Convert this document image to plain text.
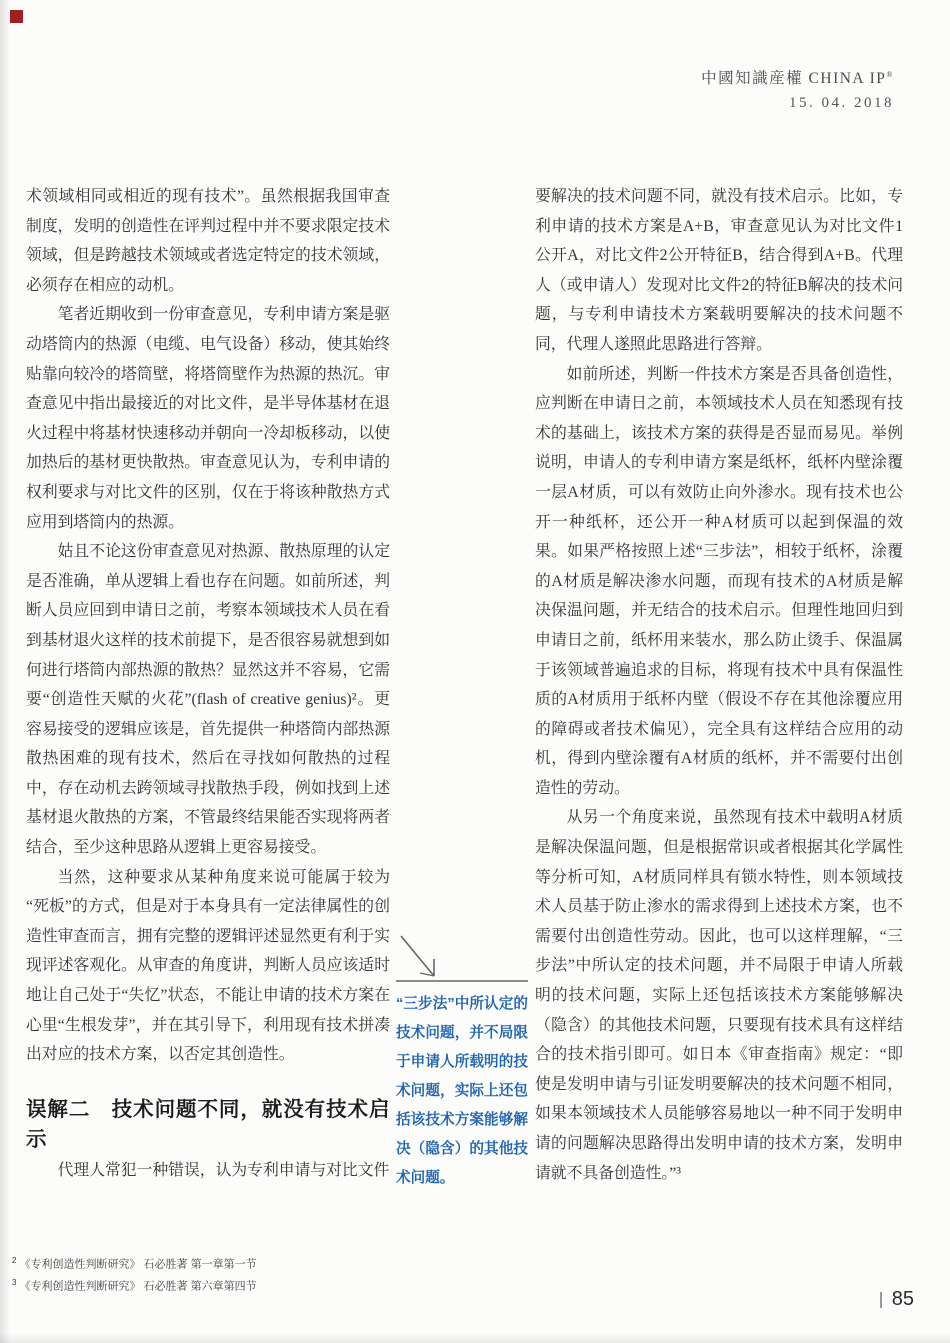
中國知識産權 CHINA IP®
15. 04. 2018

术领域相同或相近的现有技术”。虽然根据我国审查制度，发明的创造性在评判过程中并不要求限定技术领域，但是跨越技术领域或者选定特定的技术领域，必须存在相应的动机。

笔者近期收到一份审查意见，专利申请方案是驱动塔筒内的热源（电缆、电气设备）移动，使其始终贴靠向较冷的塔筒壁，将塔筒壁作为热源的热沉。审查意见中指出最接近的对比文件，是半导体基材在退火过程中将基材快速移动并朝向一冷却板移动，以使加热后的基材更快散热。审查意见认为，专利申请的权利要求与对比文件的区别，仅在于将该种散热方式应用到塔筒内的热源。

姑且不论这份审查意见对热源、散热原理的认定是否准确，单从逻辑上看也存在问题。如前所述，判断人员应回到申请日之前，考察本领域技术人员在看到基材退火这样的技术前提下，是否很容易就想到如何进行塔筒内部热源的散热？显然这并不容易，它需要“创造性天赋的火花”(flash of creative genius)²。更容易接受的逻辑应该是，首先提供一种塔筒内部热源散热困难的现有技术，然后在寻找如何散热的过程中，存在动机去跨领域寻找散热手段，例如找到上述基材退火散热的方案，不管最终结果能否实现将两者结合，至少这种思路从逻辑上更容易接受。

当然，这种要求从某种角度来说可能属于较为“死板”的方式，但是对于本身具有一定法律属性的创造性审查而言，拥有完整的逻辑评述显然更有利于实现评述客观化。从审查的角度讲，判断人员应该适时地让自己处于“失忆”状态，不能让申请的技术方案在心里“生根发芽”，并在其引导下，利用现有技术拼凑出对应的技术方案，以否定其创造性。

误解二　技术问题不同，就没有技术启示

代理人常犯一种错误，认为专利申请与对比文件

“三步法”中所认定的技术问题，并不局限于申请人所载明的技术问题，实际上还包括该技术方案能够解决（隐含）的其他技术问题。

要解决的技术问题不同，就没有技术启示。比如，专利申请的技术方案是A+B，审查意见认为对比文件1公开A，对比文件2公开特征B，结合得到A+B。代理人（或申请人）发现对比文件2的特征B解决的技术问题，与专利申请技术方案载明要解决的技术问题不同，代理人遂照此思路进行答辩。

如前所述，判断一件技术方案是否具备创造性，应判断在申请日之前，本领域技术人员在知悉现有技术的基础上，该技术方案的获得是否显而易见。举例说明，申请人的专利申请方案是纸杯，纸杯内壁涂覆一层A材质，可以有效防止向外渗水。现有技术也公开一种纸杯，还公开一种A材质可以起到保温的效果。如果严格按照上述“三步法”，相较于纸杯，涂覆的A材质是解决渗水问题，而现有技术的A材质是解决保温问题，并无结合的技术启示。但理性地回归到申请日之前，纸杯用来装水，那么防止烫手、保温属于该领域普遍追求的目标，将现有技术中具有保温性质的A材质用于纸杯内壁（假设不存在其他涂覆应用的障碍或者技术偏见），完全具有这样结合应用的动机，得到内壁涂覆有A材质的纸杯，并不需要付出创造性的劳动。

从另一个角度来说，虽然现有技术中载明A材质是解决保温问题，但是根据常识或者根据其化学属性等分析可知，A材质同样具有锁水特性，则本领域技术人员基于防止渗水的需求得到上述技术方案，也不需要付出创造性劳动。因此，也可以这样理解，“三步法”中所认定的技术问题，并不局限于申请人所载明的技术问题，实际上还包括该技术方案能够解决（隐含）的其他技术问题，只要现有技术具有这样结合的技术指引即可。如日本《审查指南》规定：“即使是发明申请与引证发明要解决的技术问题不相同，如果本领域技术人员能够容易地以一种不同于发明申请的问题解决思路得出发明申请的技术方案，发明申请就不具备创造性。”³

$^2$ 《专利创造性判断研究》 石必胜著 第一章第一节
$^3$ 《专利创造性判断研究》 石必胜著 第六章第四节
85
